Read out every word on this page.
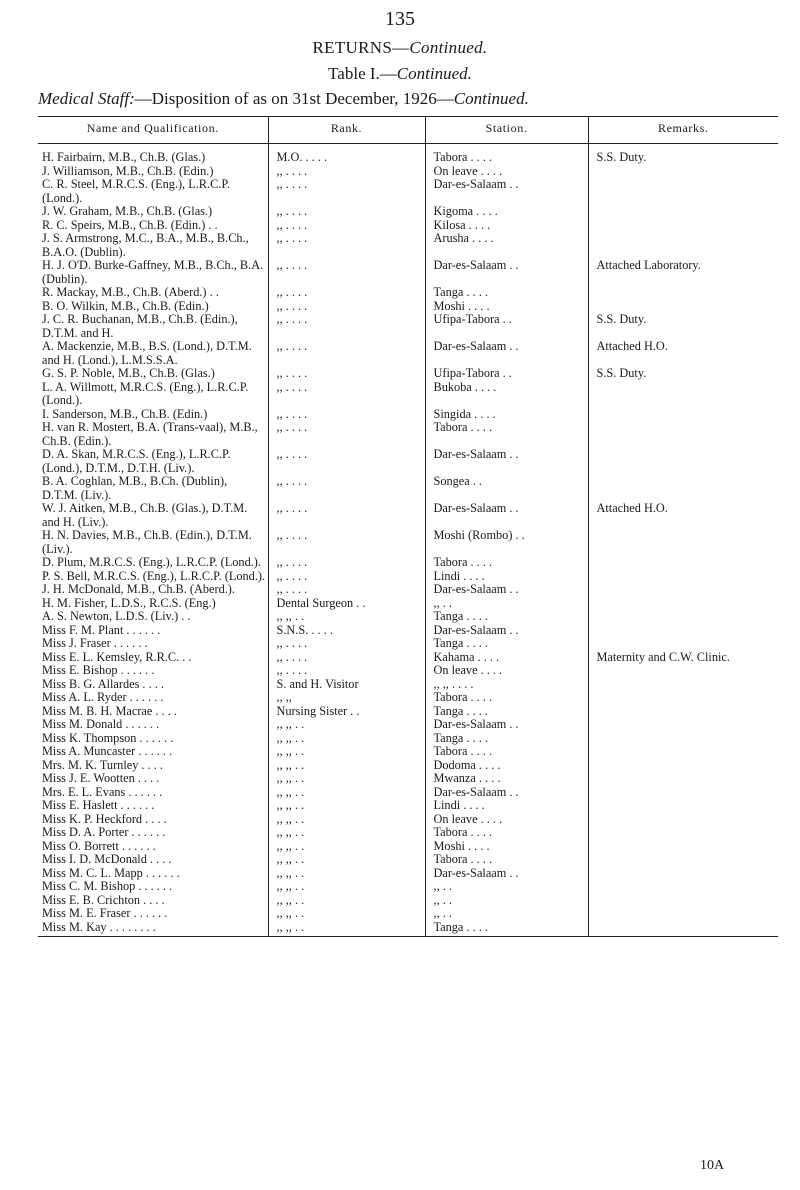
135
RETURNS—Continued.
Table I.—Continued.
Medical Staff:—Disposition of as on 31st December, 1926—Continued.
Name and Qualification.	Rank.	Station.	Remarks.
H. Fairbairn, M.B., Ch.B. (Glas.)	M.O. . . . .	Tabora . . . .	S.S. Duty.
J. Williamson, M.B., Ch.B. (Edin.)	,, . . . .	On leave . . . .	
C. R. Steel, M.R.C.S. (Eng.), L.R.C.P. (Lond.).	,, . . . .	Dar-es-Salaam . .	
J. W. Graham, M.B., Ch.B. (Glas.)	,, . . . .	Kigoma . . . .	
R. C. Speirs, M.B., Ch.B. (Edin.) . .	,, . . . .	Kilosa . . . .	
J. S. Armstrong, M.C., B.A., M.B., B.Ch., B.A.O. (Dublin).	,, . . . .	Arusha . . . .	
H. J. O'D. Burke-Gaffney, M.B., B.Ch., B.A. (Dublin).	,, . . . .	Dar-es-Salaam . .	Attached Laboratory.
R. Mackay, M.B., Ch.B. (Aberd.) . .	,, . . . .	Tanga . . . .	
B. O. Wilkin, M.B., Ch.B. (Edin.)	,, . . . .	Moshi . . . .	
J. C. R. Buchanan, M.B., Ch.B. (Edin.), D.T.M. and H.	,, . . . .	Ufipa-Tabora . .	S.S. Duty.
A. Mackenzie, M.B., B.S. (Lond.), D.T.M. and H. (Lond.), L.M.S.S.A.	,, . . . .	Dar-es-Salaam . .	Attached H.O.
G. S. P. Noble, M.B., Ch.B. (Glas.)	,, . . . .	Ufipa-Tabora . .	S.S. Duty.
L. A. Willmott, M.R.C.S. (Eng.), L.R.C.P. (Lond.).	,, . . . .	Bukoba . . . .	
I. Sanderson, M.B., Ch.B. (Edin.)	,, . . . .	Singida . . . .	
H. van R. Mostert, B.A. (Trans-vaal), M.B., Ch.B. (Edin.).	,, . . . .	Tabora . . . .	
D. A. Skan, M.R.C.S. (Eng.), L.R.C.P. (Lond.), D.T.M., D.T.H. (Liv.).	,, . . . .	Dar-es-Salaam . .	
B. A. Coghlan, M.B., B.Ch. (Dublin), D.T.M. (Liv.).	,, . . . .	Songea . .	
W. J. Aitken, M.B., Ch.B. (Glas.), D.T.M. and H. (Liv.).	,, . . . .	Dar-es-Salaam . .	Attached H.O.
H. N. Davies, M.B., Ch.B. (Edin.), D.T.M. (Liv.).	,, . . . .	Moshi (Rombo) . .	
D. Plum, M.R.C.S. (Eng.), L.R.C.P. (Lond.).	,, . . . .	Tabora . . . .	
P. S. Bell, M.R.C.S. (Eng.), L.R.C.P. (Lond.).	,, . . . .	Lindi . . . .	
J. H. McDonald, M.B., Ch.B. (Aberd.).	,, . . . .	Dar-es-Salaam . .	
H. M. Fisher, L.D.S., R.C.S. (Eng.)	Dental Surgeon . .	,, . .	
A. S. Newton, L.D.S. (Liv.) . .	,, ,, . .	Tanga . . . .	
Miss F. M. Plant . . . . . .	S.N.S. . . . .	Dar-es-Salaam . .	
Miss J. Fraser . . . . . .	,, . . . .	Tanga . . . .	
Miss E. L. Kemsley, R.R.C. . .	,, . . . .	Kahama . . . .	Maternity and C.W. Clinic.
Miss E. Bishop . . . . . .	,, . . . .	On leave . . . .	
Miss B. G. Allardes . . . .	S. and H. Visitor	,, ,, . . . .	
Miss A. L. Ryder . . . . . .	,, ,,	Tabora . . . .	
Miss M. B. H. Macrae . . . .	Nursing Sister . .	Tanga . . . .	
Miss M. Donald . . . . . .	,, ,, . .	Dar-es-Salaam . .	
Miss K. Thompson . . . . . .	,, ,, . .	Tanga . . . .	
Miss A. Muncaster . . . . . .	,, ,, . .	Tabora . . . .	
Mrs. M. K. Turnley . . . .	,, ,, . .	Dodoma . . . .	
Miss J. E. Wootten . . . .	,, ,, . .	Mwanza . . . .	
Mrs. E. L. Evans . . . . . .	,, ,, . .	Dar-es-Salaam . .	
Miss E. Haslett . . . . . .	,, ,, . .	Lindi . . . .	
Miss K. P. Heckford . . . .	,, ,, . .	On leave . . . .	
Miss D. A. Porter . . . . . .	,, ,, . .	Tabora . . . .	
Miss O. Borrett . . . . . .	,, ,, . .	Moshi . . . .	
Miss I. D. McDonald . . . .	,, ,, . .	Tabora . . . .	
Miss M. C. L. Mapp . . . . . .	,, ,, . .	Dar-es-Salaam . .	
Miss C. M. Bishop . . . . . .	,, ,, . .	,, . .	
Miss E. B. Crichton . . . .	,, ,, . .	,, . .	
Miss M. E. Fraser . . . . . .	,, ,, . .	,, . .	
Miss M. Kay . . . . . . . .	,, ,, . .	Tanga . . . .	
10A
